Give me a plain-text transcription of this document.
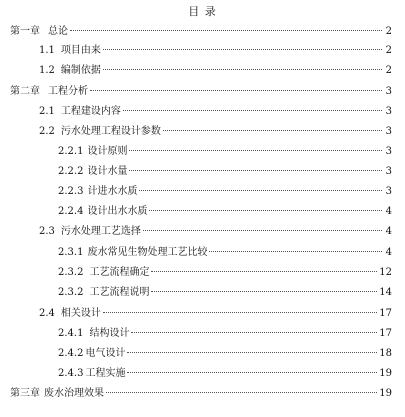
目 录
第一章 总论	2
1.1 项目由来	2
1.2 编制依据	2
第二章 工程分析	3
2.1 工程建设内容	3
2.2 污水处理工程设计参数	3
2.2.1 设计原则	3
2.2.2 设计水量	3
2.2.3 计进水水质	3
2.2.4 设计出水水质	4
2.3 污水处理工艺选择	4
2.3.1 废水常见生物处理工艺比较	4
2.3.2 工艺流程确定	12
2.3.2 工艺流程说明	14
2.4 相关设计	17
2.4.1 结构设计	17
2.4.2 电气设计	18
2.4.3 工程实施	19
第三章 废水治理效果	19
